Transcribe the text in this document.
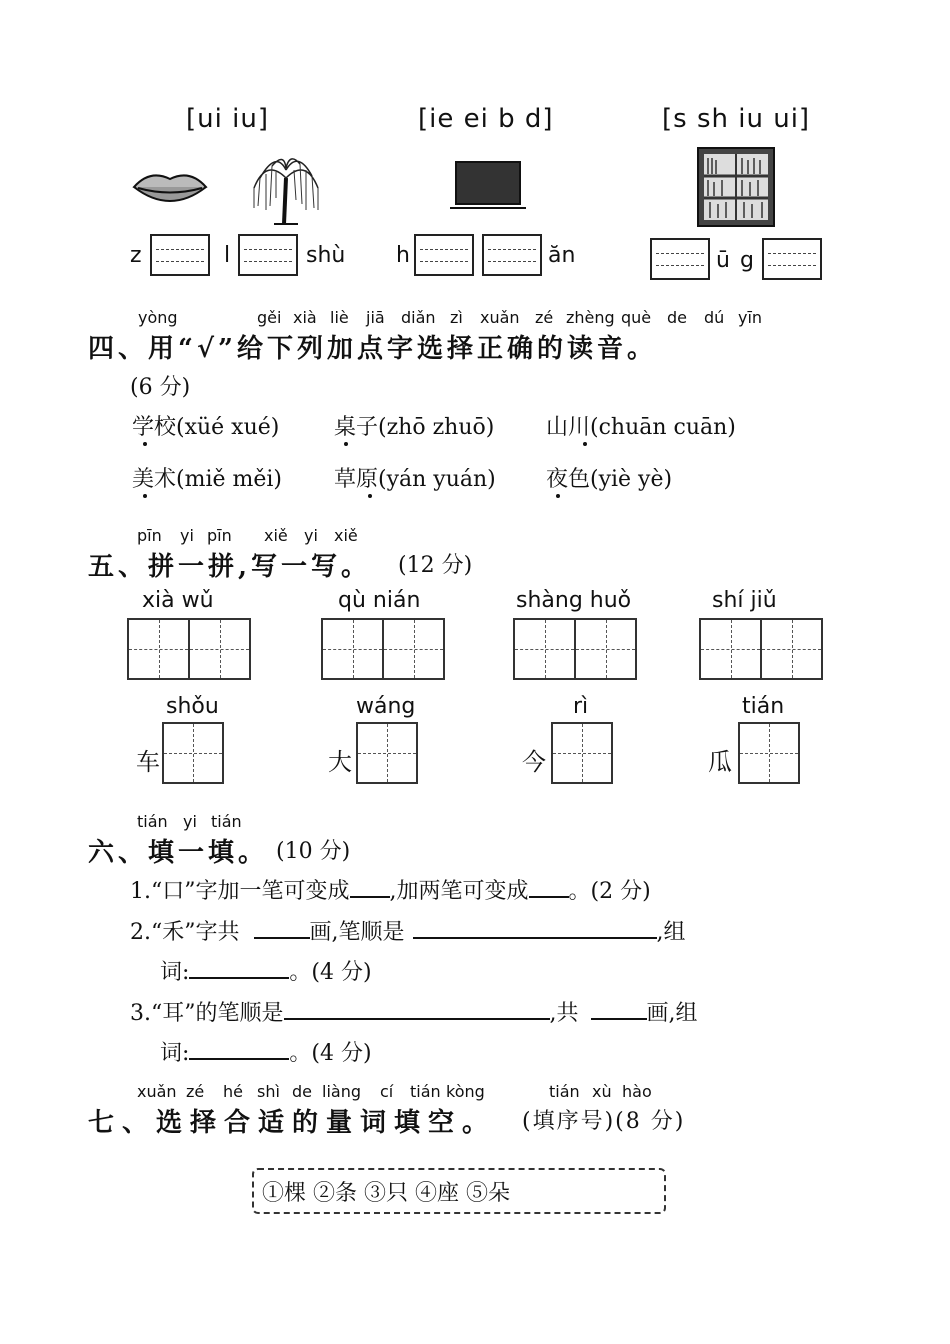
[ui iu]	[ie ei b d]	[s sh iu ui]
z	l	shù h	ăn	ū g
yòng	gěi xià liè jiā diǎn zì xuǎn zé zhèng què de dú yīn
四、用“√”给下列加点字选择正确的读音。
(6 分)
学校(xüé xué) 桌子(zhō zhuō) 山川(chuān cuān)
美术(miě měi) 草原(yán yuán) 夜色(yiè yè)
pīn yi pīn xiě yi xiě
五、拼一拼,写一写。 (12 分)
xià wǔ	qù nián	shàng huǒ	shí jiǔ
shǒu	wáng	rì	tián
车	大	今	瓜
tián yi tián
六、填一填。 (10 分)
1.“口”字加一笔可变成 ,加两笔可变成 。(2 分)
2.“禾”字共	画,笔顺是	,组
词:	。(4 分)
3.“耳”的笔顺是	,共	画,组
词:	。(4 分)
xuǎn zé hé shì de liàng cí tián kòng	tián xù hào
七、选择合适的量词填空。 (填序号)(8 分)
①棵 ②条 ③只 ④座 ⑤朵
